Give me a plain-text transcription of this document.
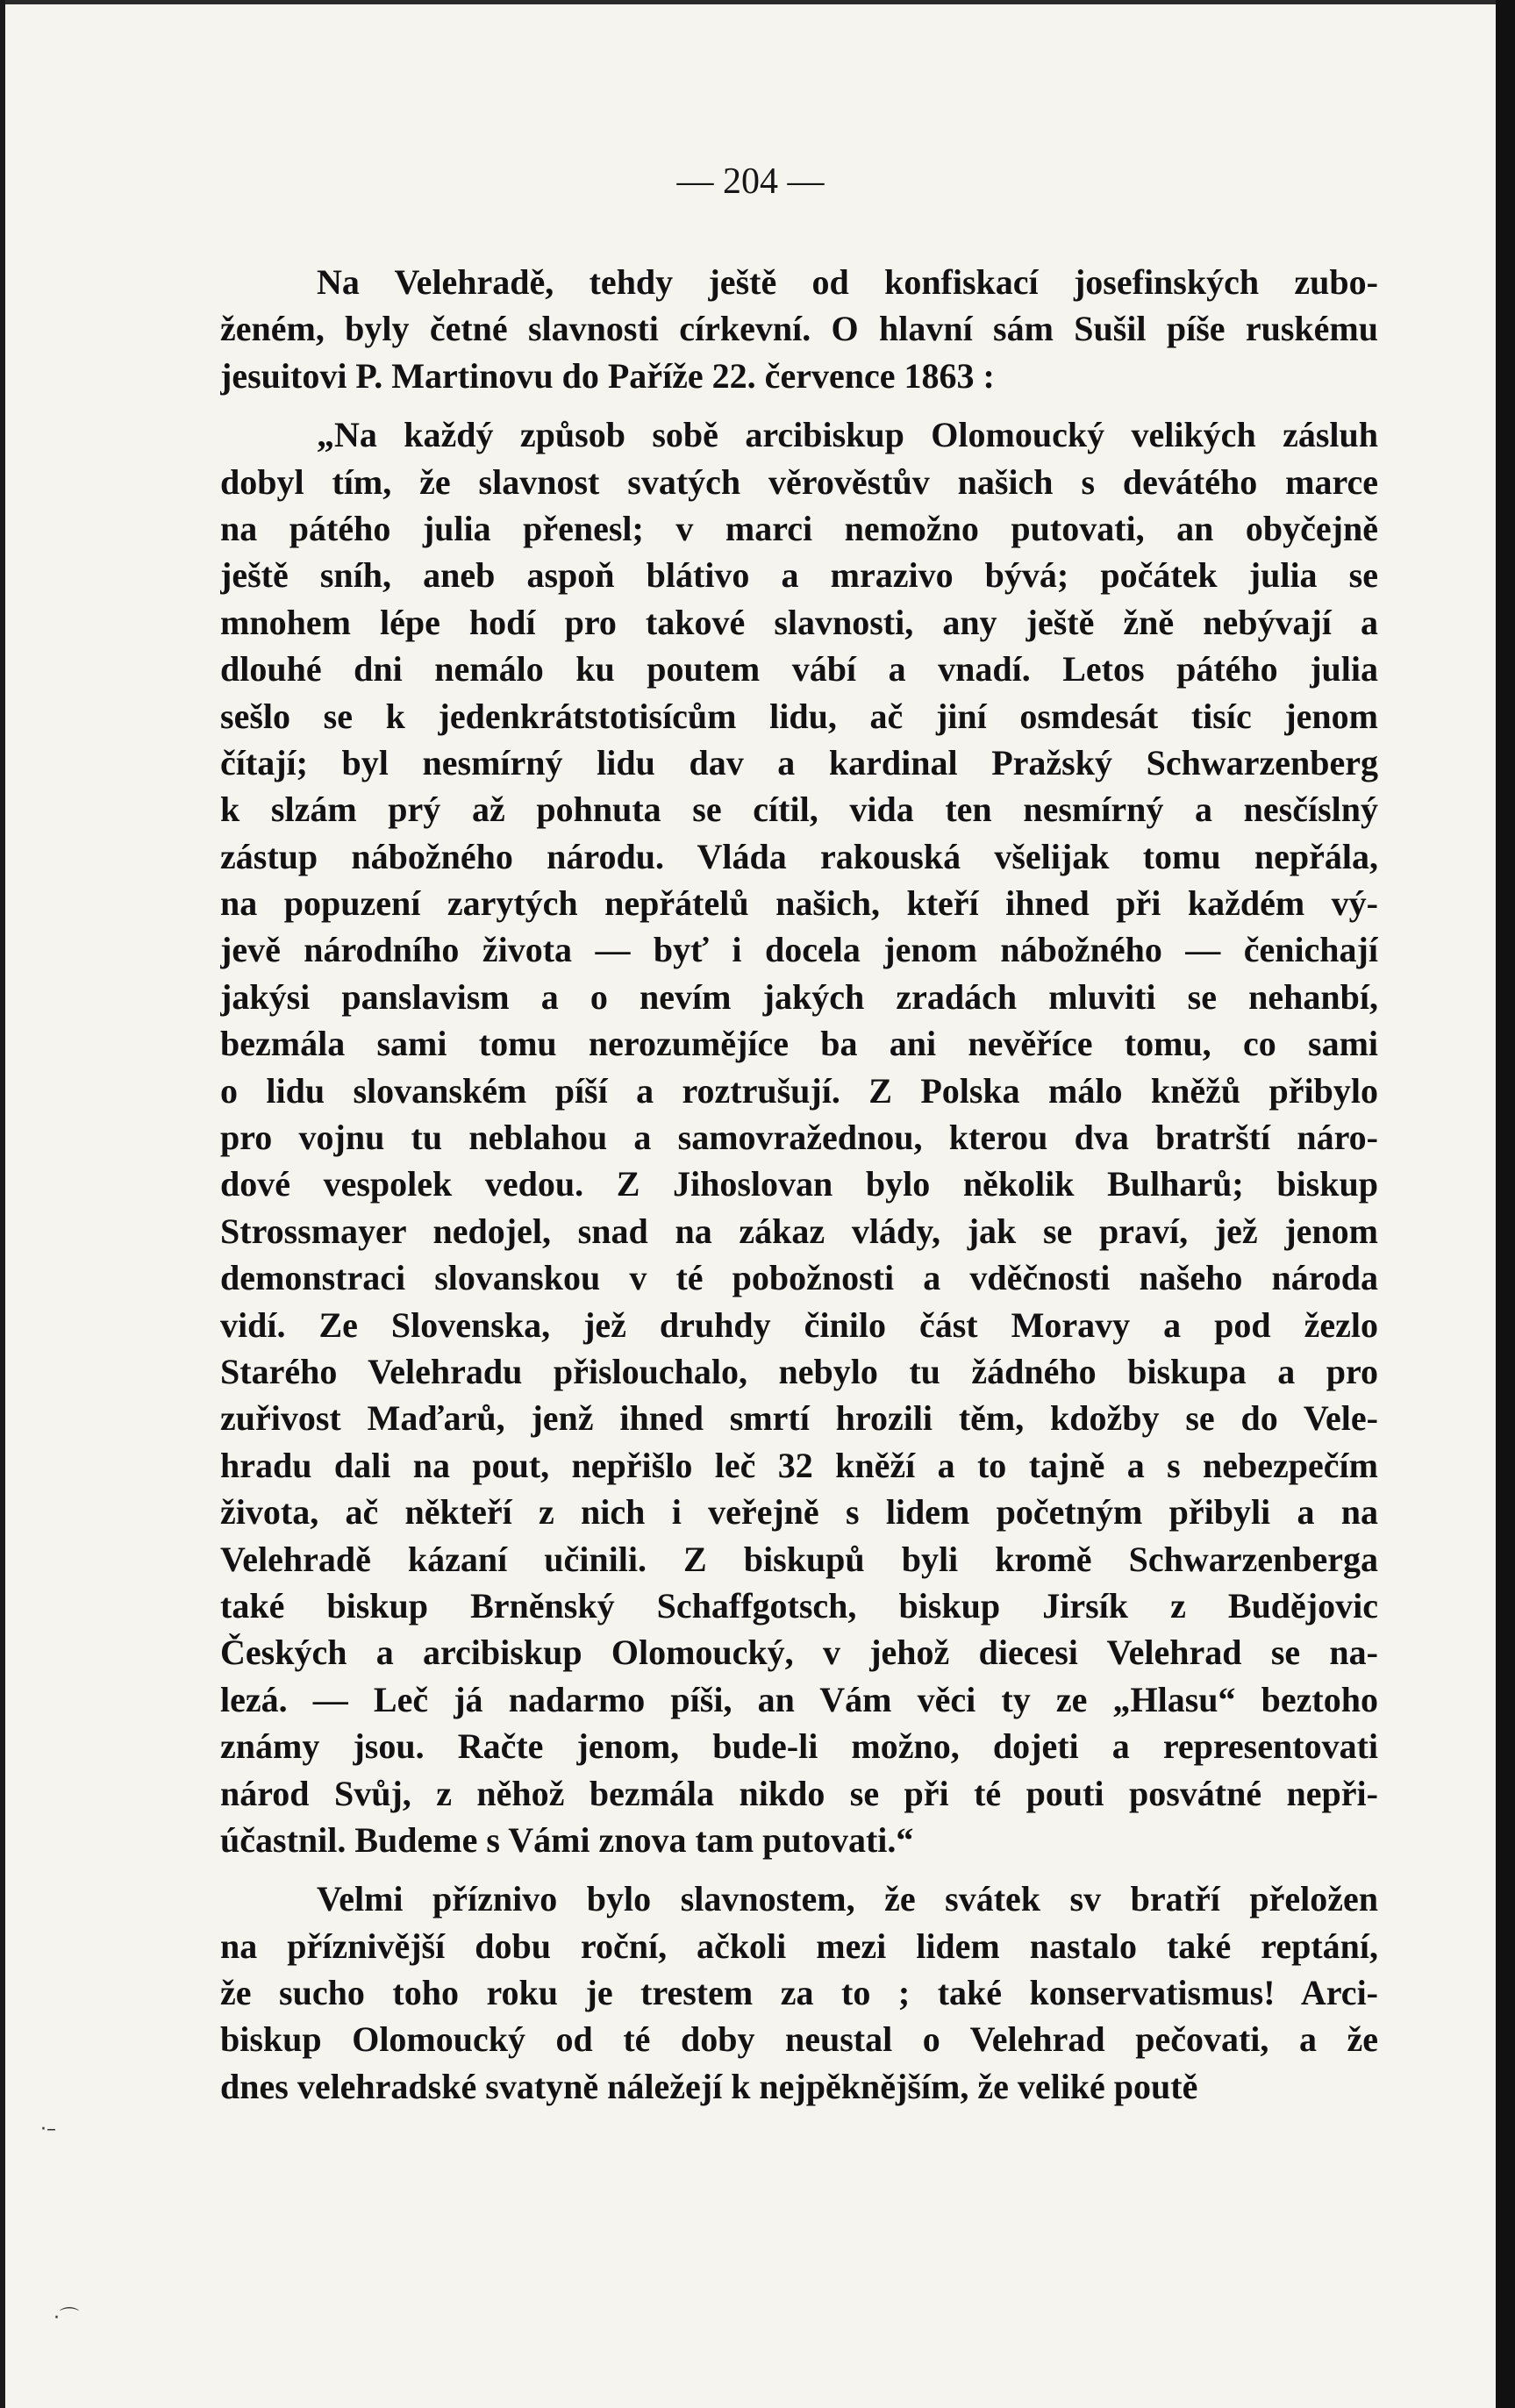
— 204 —
Na Velehradě, tehdy ještě od konfiskací josefinských zubo-
ženém, byly četné slavnosti církevní. O hlavní sám Sušil píše ruskému
jesuitovi P. Martinovu do Paříže 22. července 1863 :
„Na každý způsob sobě arcibiskup Olomoucký velikých zásluh
dobyl tím, že slavnost svatých věrověstův našich s devátého marce
na pátého julia přenesl; v marci nemožno putovati, an obyčejně
ještě sníh, aneb aspoň blátivo a mrazivo bývá; počátek julia se
mnohem lépe hodí pro takové slavnosti, any ještě žně nebývají a
dlouhé dni nemálo ku poutem vábí a vnadí. Letos pátého julia
sešlo se k jedenkrátstotisícům lidu, ač jiní osmdesát tisíc jenom
čítají; byl nesmírný lidu dav a kardinal Pražský Schwarzenberg
k slzám prý až pohnuta se cítil, vida ten nesmírný a nesčíslný
zástup nábožného národu. Vláda rakouská všelijak tomu nepřála,
na popuzení zarytých nepřátelů našich, kteří ihned při každém vý-
jevě národního života — byť i docela jenom nábožného — čenichají
jakýsi panslavism a o nevím jakých zradách mluviti se nehanbí,
bezmála sami tomu nerozumějíce ba ani nevěříce tomu, co sami
o lidu slovanském píší a roztrušují. Z Polska málo kněžů přibylo
pro vojnu tu neblahou a samovražednou, kterou dva bratrští náro-
dové vespolek vedou. Z Jihoslovan bylo několik Bulharů; biskup
Strossmayer nedojel, snad na zákaz vlády, jak se praví, jež jenom
demonstraci slovanskou v té pobožnosti a vděčnosti našeho národa
vidí. Ze Slovenska, jež druhdy činilo část Moravy a pod žezlo
Starého Velehradu přislouchalo, nebylo tu žádného biskupa a pro
zuřivost Maďarů, jenž ihned smrtí hrozili těm, kdožby se do Vele-
hradu dali na pout, nepřišlo leč 32 kněží a to tajně a s nebezpečím
života, ač někteří z nich i veřejně s lidem početným přibyli a na
Velehradě kázaní učinili. Z biskupů byli kromě Schwarzenberga
také biskup Brněnský Schaffgotsch, biskup Jirsík z Budějovic
Českých a arcibiskup Olomoucký, v jehož diecesi Velehrad se na-
lezá. — Leč já nadarmo píši, an Vám věci ty ze „Hlasu“ beztoho
známy jsou. Račte jenom, bude-li možno, dojeti a representovati
národ Svůj, z něhož bezmála nikdo se při té pouti posvátné nepři-
účastnil. Budeme s Vámi znova tam putovati.“
Velmi příznivo bylo slavnostem, že svátek sv bratří přeložen
na příznivější dobu roční, ačkoli mezi lidem nastalo také reptání,
že sucho toho roku je trestem za to ; také konservatismus! Arci-
biskup Olomoucký od té doby neustal o Velehrad pečovati, a že
dnes velehradské svatyně náležejí k nejpěknějším, že veliké poutě
·–
·⌒
